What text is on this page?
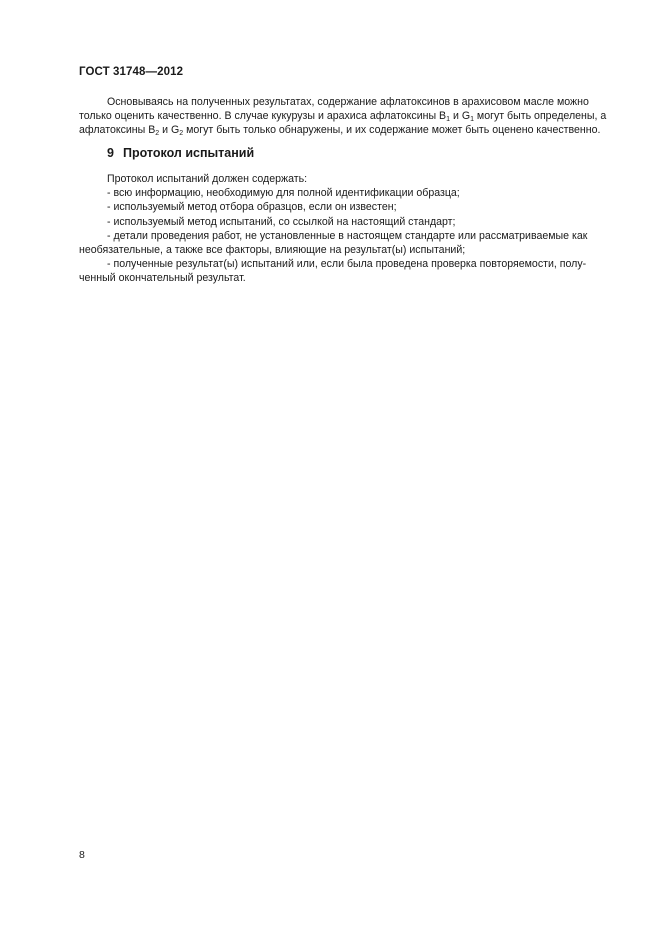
ГОСТ 31748—2012
Основываясь на полученных результатах, содержание афлатоксинов в арахисовом масле можно
только оценить качественно. В случае кукурузы и арахиса афлатоксины $B_1$ и $G_1$ могут быть определены, а
афлатоксины $B_2$ и $G_2$ могут быть только обнаружены, и их содержание может быть оценено качественно.
9 Протокол испытаний
Протокол испытаний должен содержать:
- всю информацию, необходимую для полной идентификации образца;
- используемый метод отбора образцов, если он известен;
- используемый метод испытаний, со ссылкой на настоящий стандарт;
- детали проведения работ, не установленные в настоящем стандарте или рассматриваемые как
необязательные, а также все факторы, влияющие на результат(ы) испытаний;
- полученные результат(ы) испытаний или, если была проведена проверка повторяемости, полу-
ченный окончательный результат.
8
